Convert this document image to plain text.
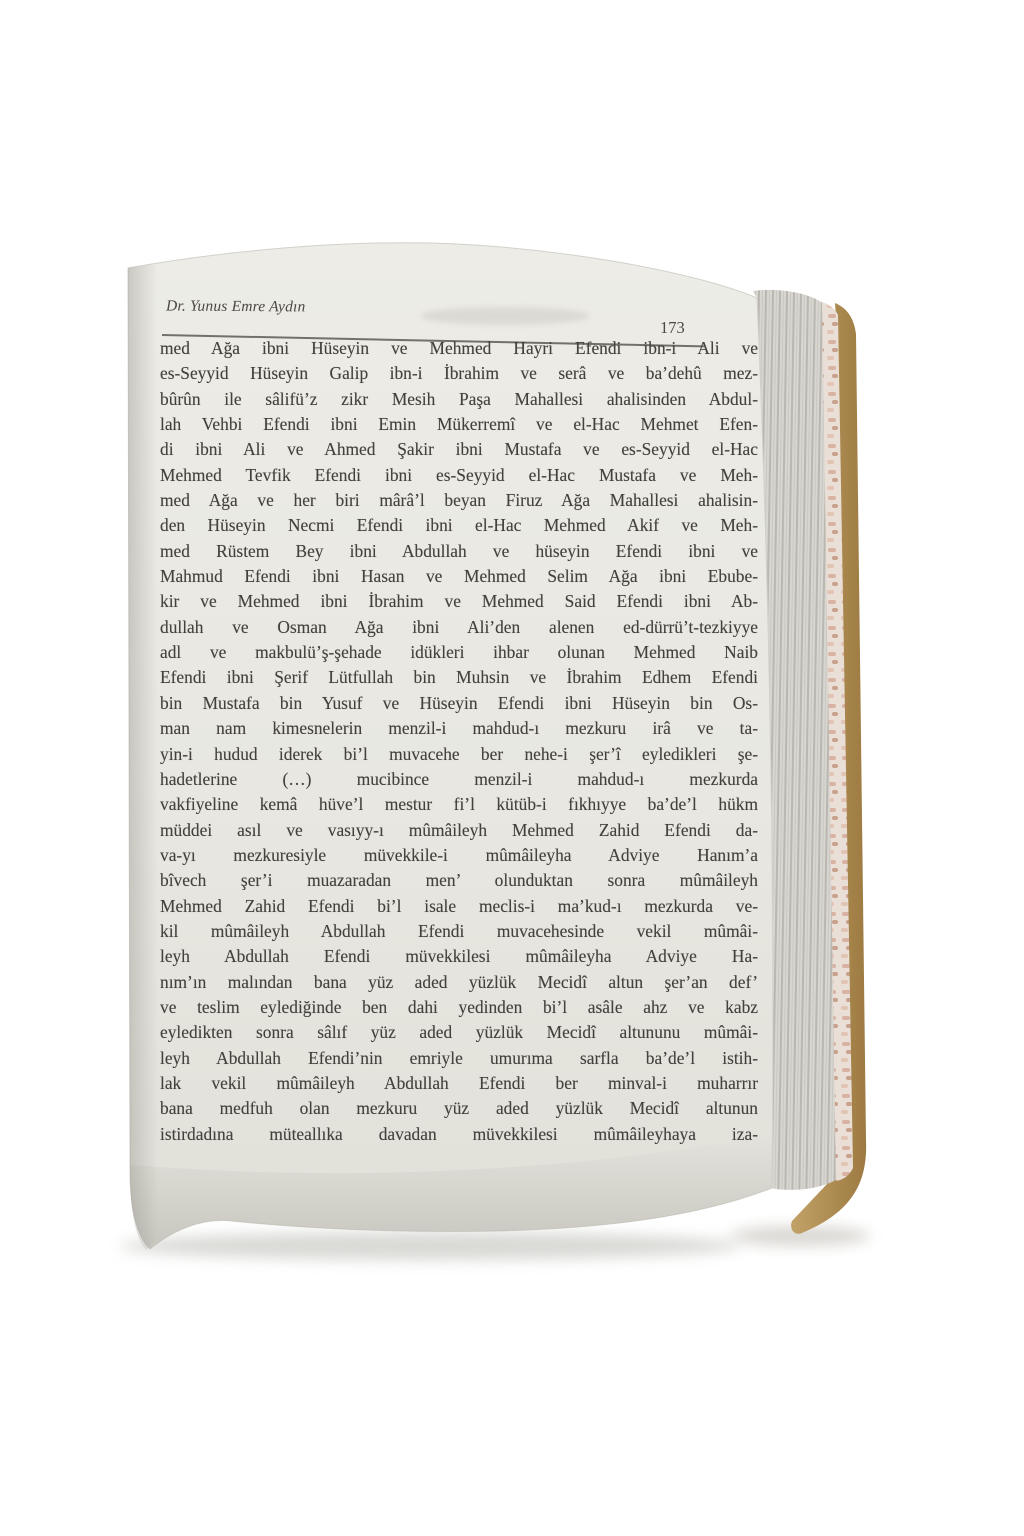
Dr. Yunus Emre Aydın
173

med Ağa ibni Hüseyin ve Mehmed Hayri Efendi ibn-i Ali ve

es-Seyyid Hüseyin Galip ibn-i İbrahim ve serâ ve ba’dehû mez-

bûrûn ile sâlifü’z zikr Mesih Paşa Mahallesi ahalisinden Abdul-

lah Vehbi Efendi ibni Emin Mükerremî ve el-Hac Mehmet Efen-

di ibni Ali ve Ahmed Şakir ibni Mustafa ve es-Seyyid el-Hac

Mehmed Tevfik Efendi ibni es-Seyyid el-Hac Mustafa ve Meh-

med Ağa ve her biri mârâ’l beyan Firuz Ağa Mahallesi ahalisin-

den Hüseyin Necmi Efendi ibni el-Hac Mehmed Akif ve Meh-

med Rüstem Bey ibni Abdullah ve hüseyin Efendi ibni ve

Mahmud Efendi ibni Hasan ve Mehmed Selim Ağa ibni Ebube-

kir ve Mehmed ibni İbrahim ve Mehmed Said Efendi ibni Ab-

dullah ve Osman Ağa ibni Ali’den alenen ed-dürrü’t-tezkiyye

adl ve makbulü’ş-şehade idükleri ihbar olunan Mehmed Naib

Efendi ibni Şerif Lütfullah bin Muhsin ve İbrahim Edhem Efendi

bin Mustafa bin Yusuf ve Hüseyin Efendi ibni Hüseyin bin Os-

man nam kimesnelerin menzil-i mahdud-ı mezkuru irâ ve ta-

yin-i hudud iderek bi’l muvacehe ber nehe-i şer’î eyledikleri şe-

hadetlerine (…) mucibince menzil-i mahdud-ı mezkurda

vakfiyeline kemâ hüve’l mestur fi’l kütüb-i fıkhıyye ba’de’l hükm

müddei asıl ve vasıyy-ı mûmâileyh Mehmed Zahid Efendi da-

va-yı mezkuresiyle müvekkile-i mûmâileyha Adviye Hanım’a

bîvech şer’i muazaradan men’ olunduktan sonra mûmâileyh

Mehmed Zahid Efendi bi’l isale meclis-i ma’kud-ı mezkurda ve-

kil mûmâileyh Abdullah Efendi muvacehesinde vekil mûmâi-

leyh Abdullah Efendi müvekkilesi mûmâileyha Adviye Ha-

nım’ın malından bana yüz aded yüzlük Mecidî altun şer’an def’

ve teslim eylediğinde ben dahi yedinden bi’l asâle ahz ve kabz

eyledikten sonra sâlıf yüz aded yüzlük Mecidî altununu mûmâi-

leyh Abdullah Efendi’nin emriyle umurıma sarfla ba’de’l istih-

lak vekil mûmâileyh Abdullah Efendi ber minval-i muharrır

bana medfuh olan mezkuru yüz aded yüzlük Mecidî altunun

istirdadına müteallıka davadan müvekkilesi mûmâileyhaya iza-
